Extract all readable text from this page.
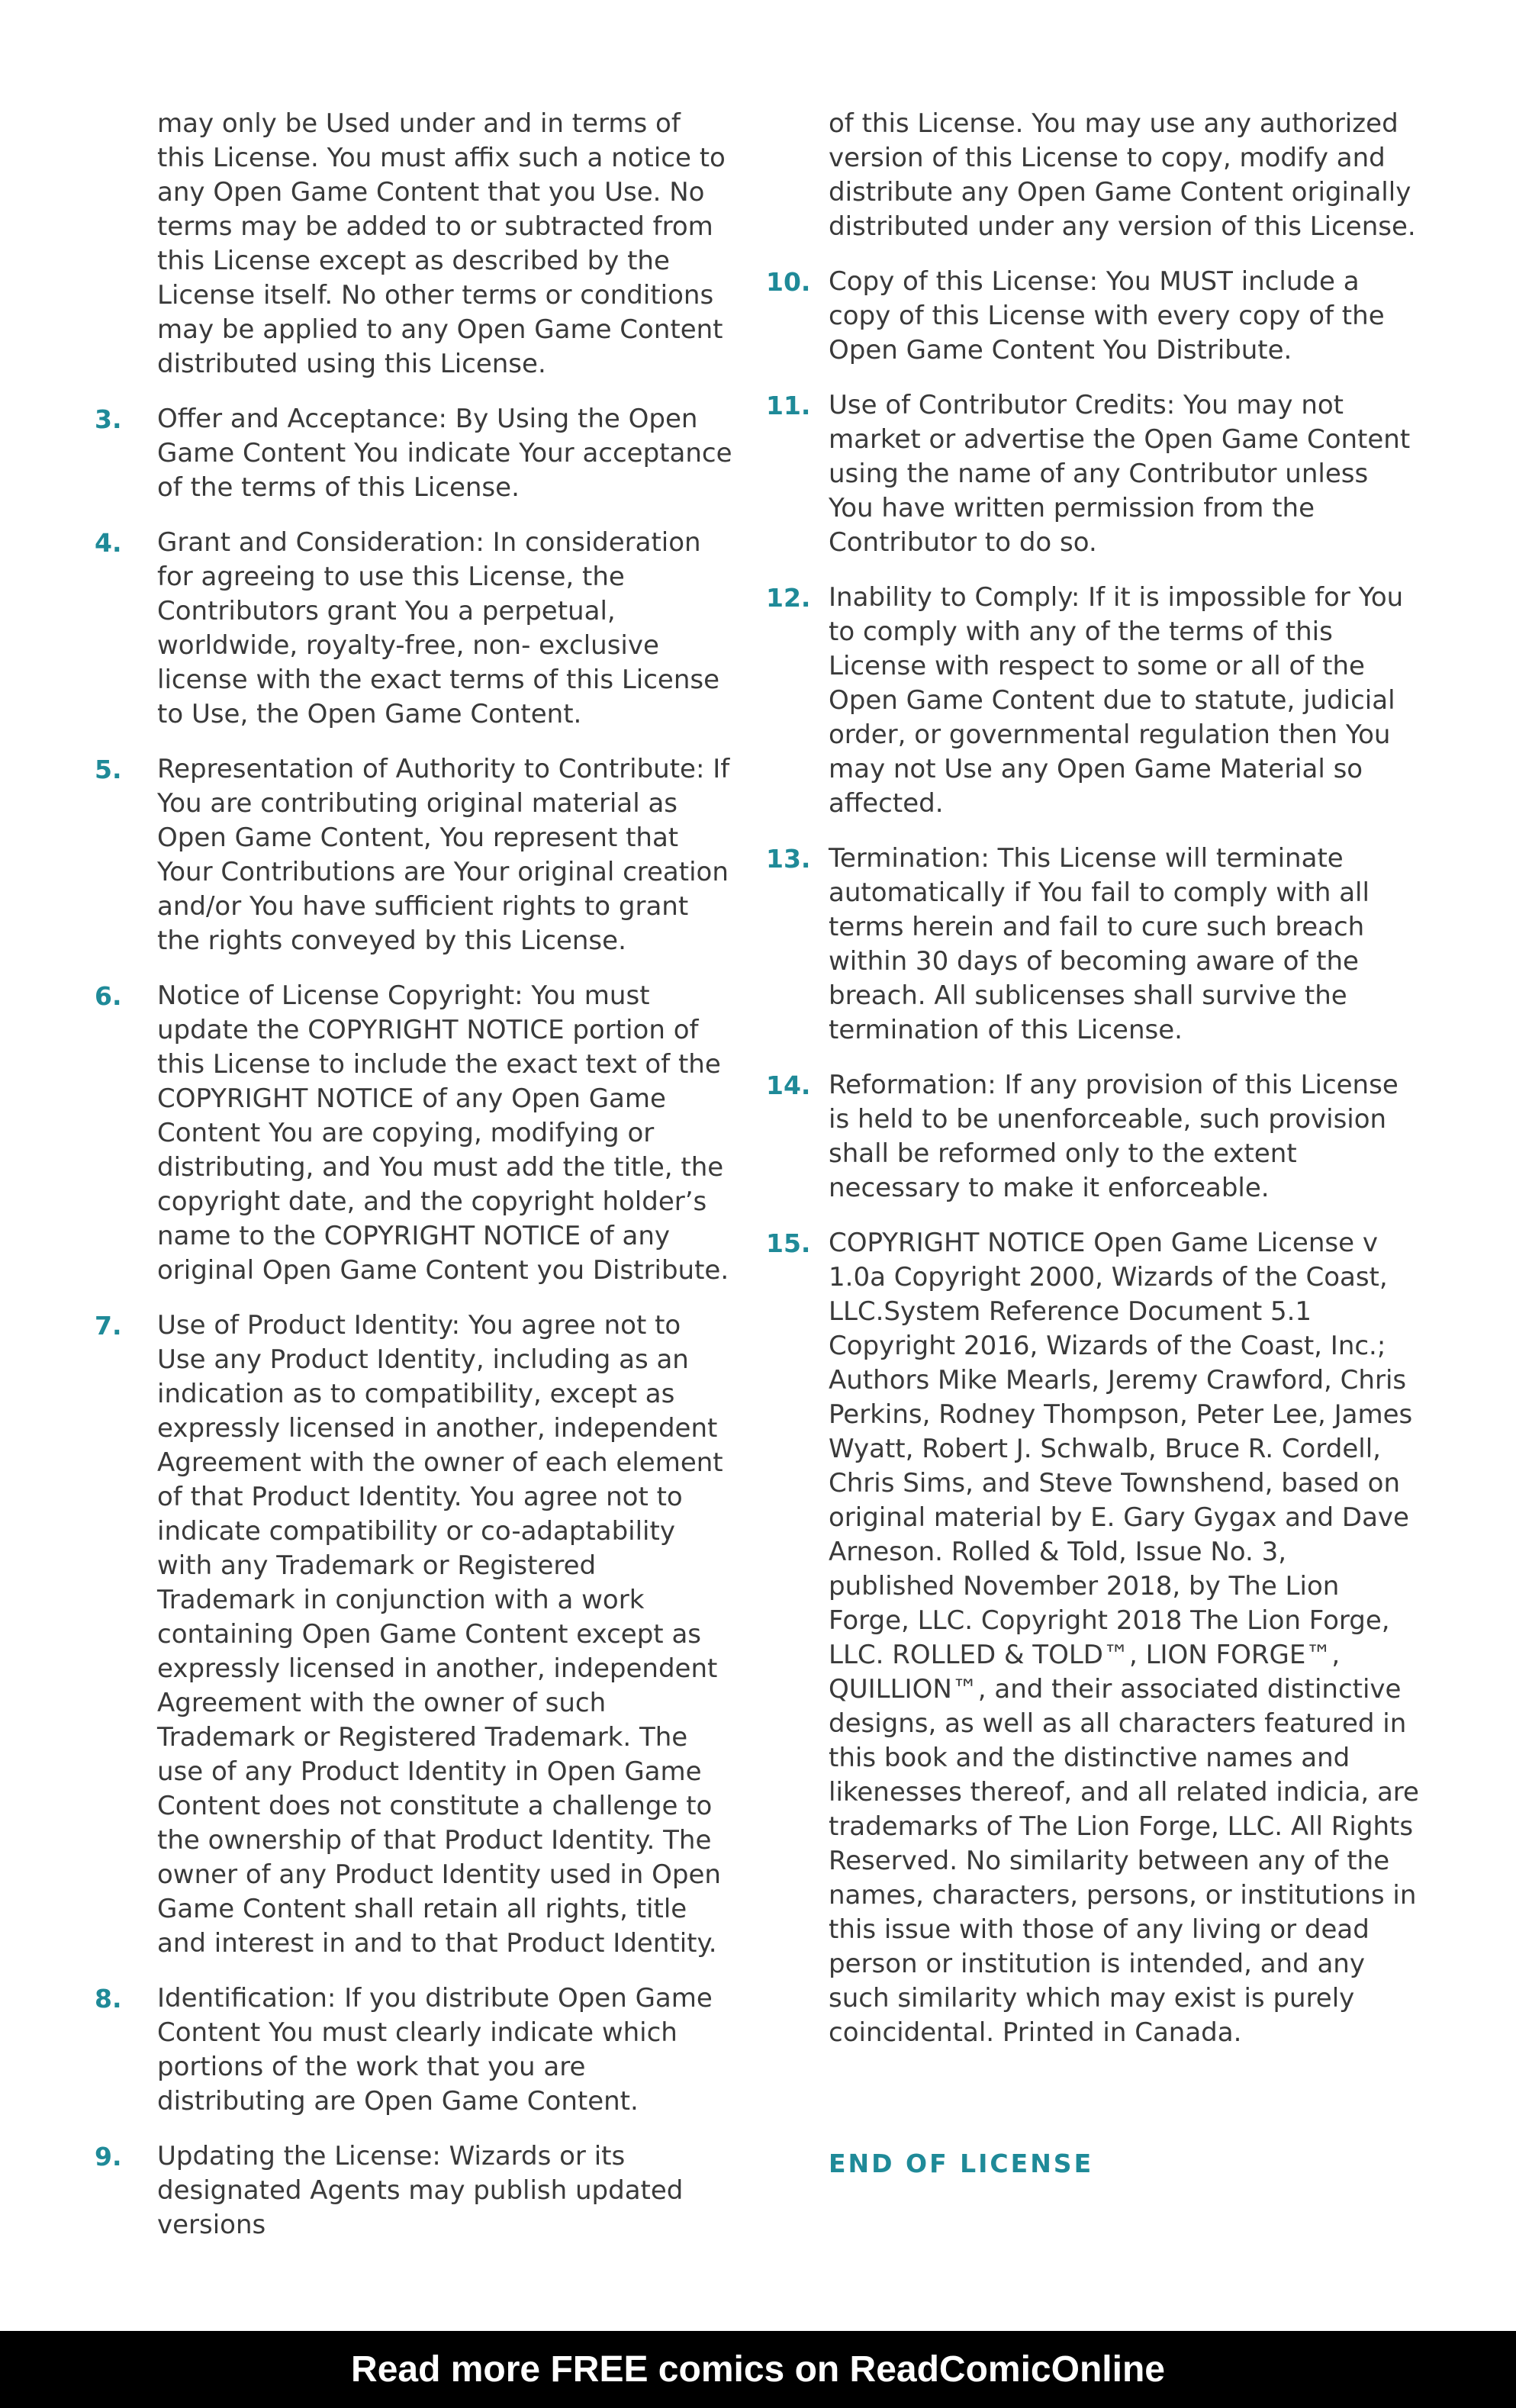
may only be Used under and in terms of this License. You must affix such a notice to any Open Game Content that you Use. No terms may be added to or subtracted from this License except as described by the License itself. No other terms or conditions may be applied to any Open Game Content distributed using this License.
3. Offer and Acceptance: By Using the Open Game Content You indicate Your acceptance of the terms of this License.
4. Grant and Consideration: In consideration for agreeing to use this License, the Contributors grant You a perpetual, worldwide, royalty-free, non- exclusive license with the exact terms of this License to Use, the Open Game Content.
5. Representation of Authority to Contribute: If You are contributing original material as Open Game Content, You represent that Your Contributions are Your original creation and/or You have sufficient rights to grant the rights conveyed by this License.
6. Notice of License Copyright: You must update the COPYRIGHT NOTICE portion of this License to include the exact text of the COPYRIGHT NOTICE of any Open Game Content You are copying, modifying or distributing, and You must add the title, the copyright date, and the copyright holder’s name to the COPYRIGHT NOTICE of any original Open Game Content you Distribute.
7. Use of Product Identity: You agree not to Use any Product Identity, including as an indication as to compatibility, except as expressly licensed in another, independent Agreement with the owner of each element of that Product Identity. You agree not to indicate compatibility or co-adaptability with any Trademark or Registered Trademark in conjunction with a work containing Open Game Content except as expressly licensed in another, independent Agreement with the owner of such Trademark or Registered Trademark. The use of any Product Identity in Open Game Content does not constitute a challenge to the ownership of that Product Identity. The owner of any Product Identity used in Open Game Content shall retain all rights, title and interest in and to that Product Identity.
8. Identification: If you distribute Open Game Content You must clearly indicate which portions of the work that you are distributing are Open Game Content.
9. Updating the License: Wizards or its designated Agents may publish updated versions
of this License. You may use any authorized version of this License to copy, modify and distribute any Open Game Content originally distributed under any version of this License.
10. Copy of this License: You MUST include a copy of this License with every copy of the Open Game Content You Distribute.
11. Use of Contributor Credits: You may not market or advertise the Open Game Content using the name of any Contributor unless You have written permission from the Contributor to do so.
12. Inability to Comply: If it is impossible for You to comply with any of the terms of this License with respect to some or all of the Open Game Content due to statute, judicial order, or governmental regulation then You may not Use any Open Game Material so affected.
13. Termination: This License will terminate automatically if You fail to comply with all terms herein and fail to cure such breach within 30 days of becoming aware of the breach. All sublicenses shall survive the termination of this License.
14. Reformation: If any provision of this License is held to be unenforceable, such provision shall be reformed only to the extent necessary to make it enforceable.
15. COPYRIGHT NOTICE Open Game License v 1.0a Copyright 2000, Wizards of the Coast, LLC.System Reference Document 5.1 Copyright 2016, Wizards of the Coast, Inc.; Authors Mike Mearls, Jeremy Crawford, Chris Perkins, Rodney Thompson, Peter Lee, James Wyatt, Robert J. Schwalb, Bruce R. Cordell, Chris Sims, and Steve Townshend, based on original material by E. Gary Gygax and Dave Arneson. Rolled & Told, Issue No. 3, published November 2018, by The Lion Forge, LLC. Copyright 2018 The Lion Forge, LLC. ROLLED & TOLD™, LION FORGE™, QUILLION™, and their associated distinctive designs, as well as all characters featured in this book and the distinctive names and likenesses thereof, and all related indicia, are trademarks of The Lion Forge, LLC. All Rights Reserved. No similarity between any of the names, characters, persons, or institutions in this issue with those of any living or dead person or institution is intended, and any such similarity which may exist is purely coincidental. Printed in Canada.
END OF LICENSE
Read more FREE comics on ReadComicOnline
